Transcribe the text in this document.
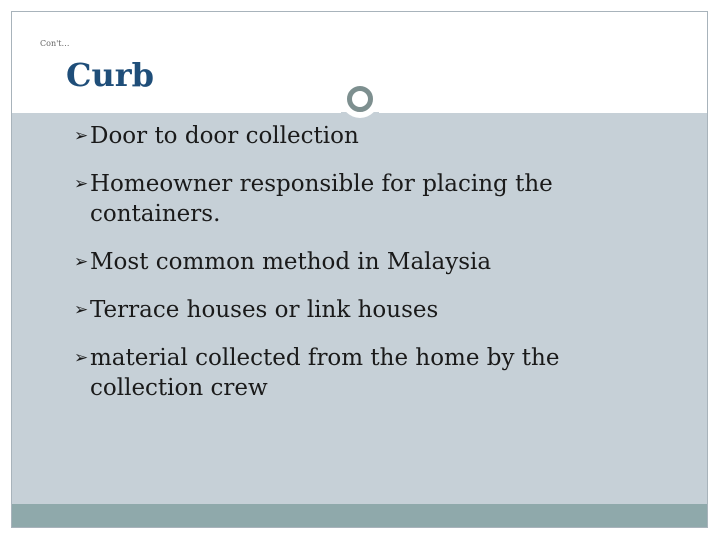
Con't…
Curb
➢ Door to door collection
➢ Homeowner responsible for placing the containers.
➢ Most common method in Malaysia
➢ Terrace houses or link houses
➢ material collected from the home by the collection crew
